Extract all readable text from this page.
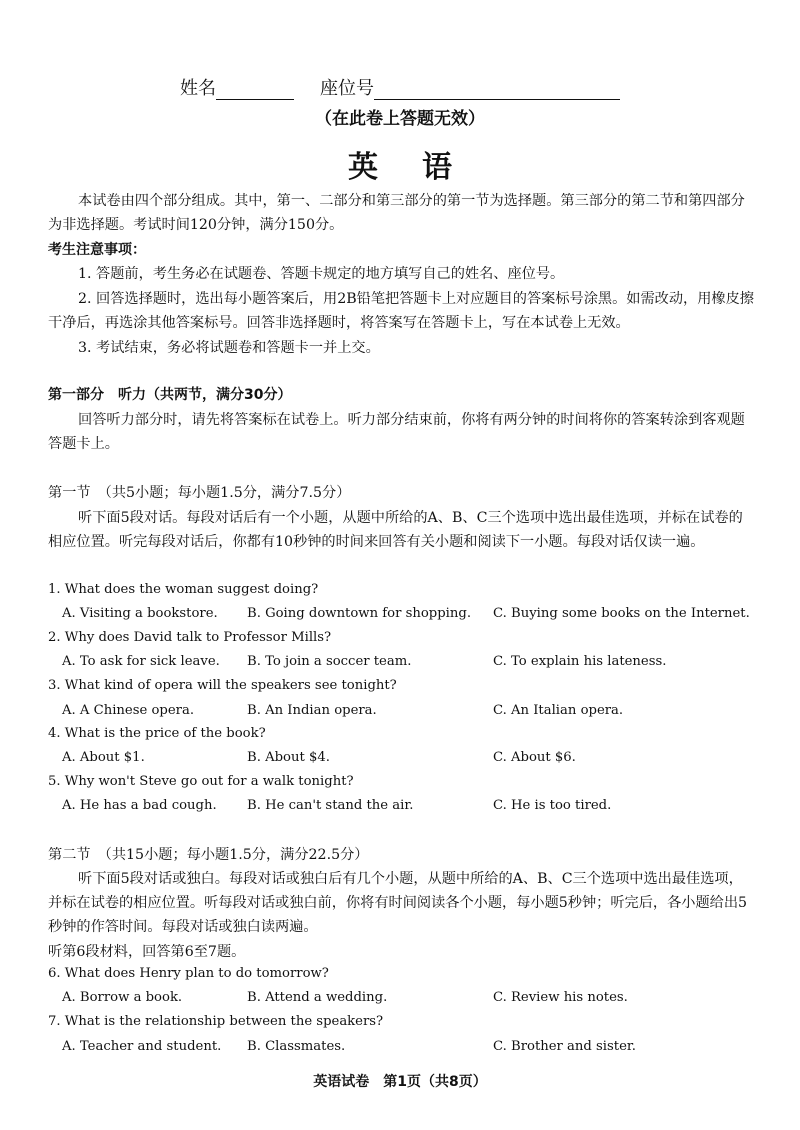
姓名	座位号
（在此卷上答题无效）
英语
本试卷由四个部分组成。其中，第一、二部分和第三部分的第一节为选择题。第三部分的第二节和第四部分为非选择题。考试时间120分钟，满分150分。
考生注意事项：
1. 答题前，考生务必在试题卷、答题卡规定的地方填写自己的姓名、座位号。
2. 回答选择题时，选出每小题答案后，用2B铅笔把答题卡上对应题目的答案标号涂黑。如需改动，用橡皮擦干净后，再选涂其他答案标号。回答非选择题时，将答案写在答题卡上，写在本试卷上无效。
3. 考试结束，务必将试题卷和答题卡一并上交。
第一部分　听力（共两节，满分30分）
回答听力部分时，请先将答案标在试卷上。听力部分结束前，你将有两分钟的时间将你的答案转涂到客观题答题卡上。
第一节　（共5小题；每小题1.5分，满分7.5分）
听下面5段对话。每段对话后有一个小题，从题中所给的A、B、C三个选项中选出最佳选项，并标在试卷的相应位置。听完每段对话后，你都有10秒钟的时间来回答有关小题和阅读下一小题。每段对话仅读一遍。
1. What does the woman suggest doing?
A. Visiting a bookstore. B. Going downtown for shopping. C. Buying some books on the Internet.
2. Why does David talk to Professor Mills?
A. To ask for sick leave. B. To join a soccer team.	C. To explain his lateness.
3. What kind of opera will the speakers see tonight?
A. A Chinese opera.	B. An Indian opera.	C. An Italian opera.
4. What is the price of the book?
A. About $1.	B. About $4.	C. About $6.
5. Why won't Steve go out for a walk tonight?
A. He has a bad cough. B. He can't stand the air.	C. He is too tired.
第二节　（共15小题；每小题1.5分，满分22.5分）
听下面5段对话或独白。每段对话或独白后有几个小题，从题中所给的A、B、C三个选项中选出最佳选项，并标在试卷的相应位置。听每段对话或独白前，你将有时间阅读各个小题，每小题5秒钟；听完后，各小题给出5秒钟的作答时间。每段对话或独白读两遍。
听第6段材料，回答第6至7题。
6. What does Henry plan to do tomorrow?
A. Borrow a book.	B. Attend a wedding.	C. Review his notes.
7. What is the relationship between the speakers?
A. Teacher and student. B. Classmates.	C. Brother and sister.
英语试卷　第1页（共8页）
